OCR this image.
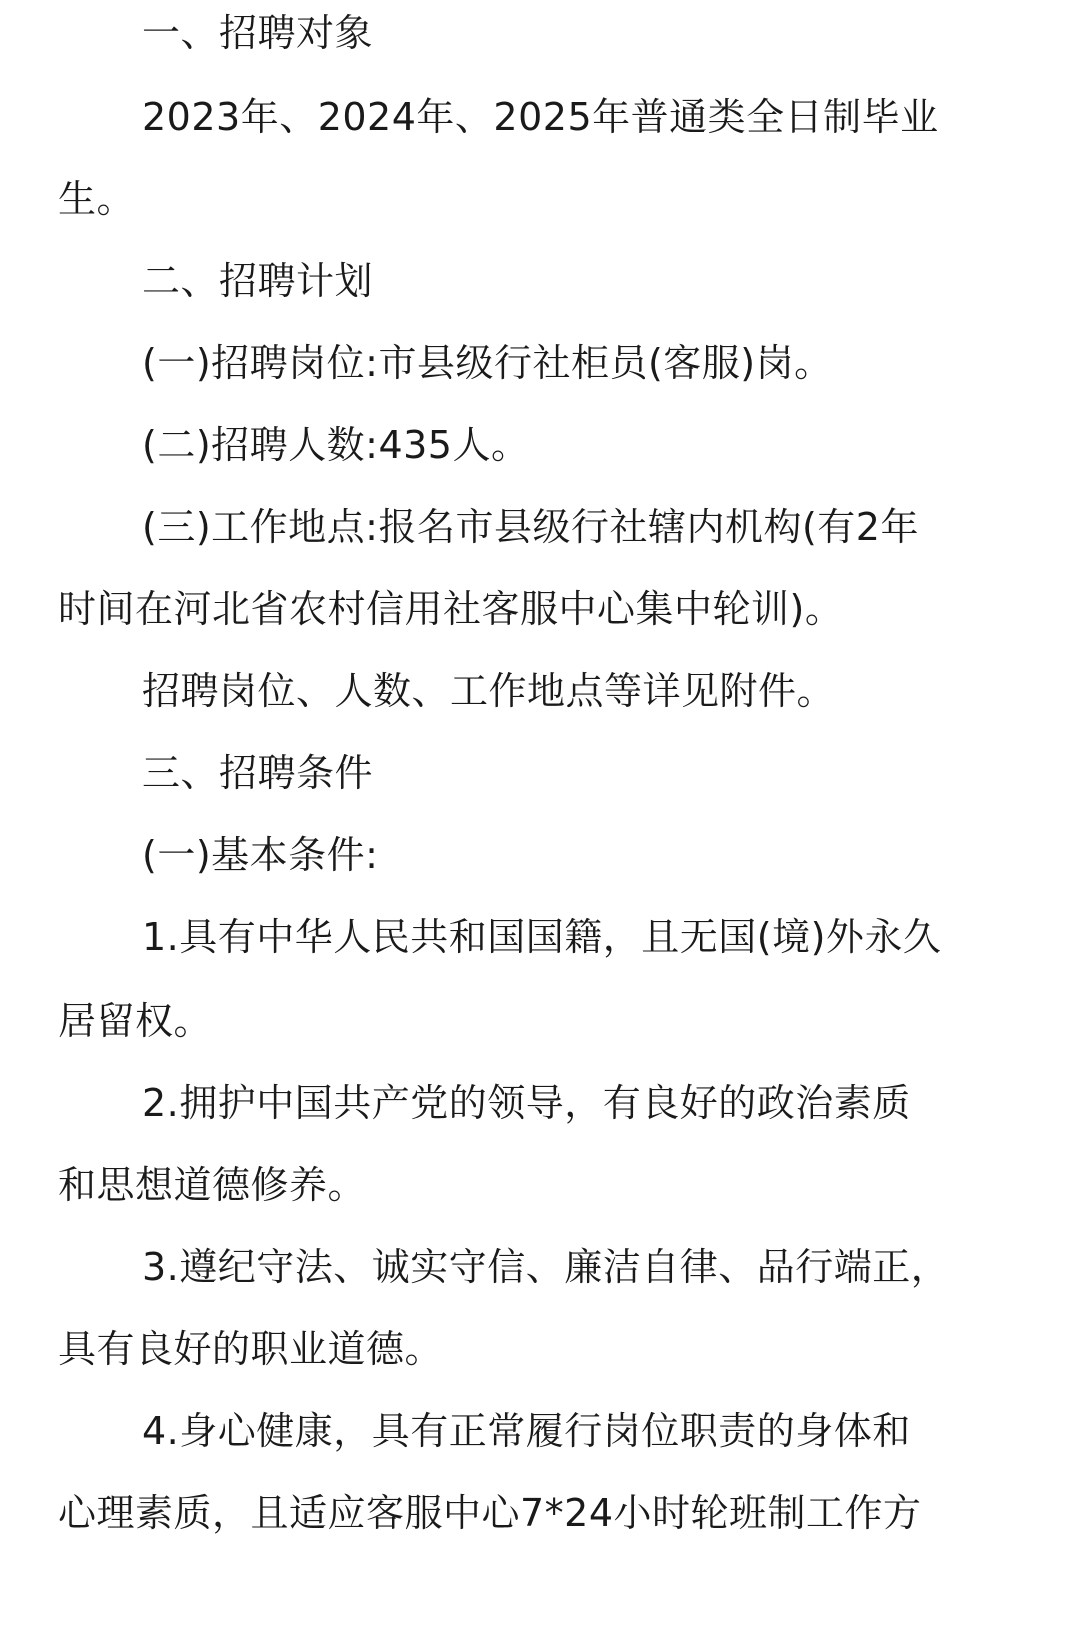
一、招聘对象

2023年、2024年、2025年普通类全日制毕业

生。

二、招聘计划

(一)招聘岗位:市县级行社柜员(客服)岗。

(二)招聘人数:435人。

(三)工作地点:报名市县级行社辖内机构(有2年

时间在河北省农村信用社客服中心集中轮训)。

招聘岗位、人数、工作地点等详见附件。

三、招聘条件

(一)基本条件:

1.具有中华人民共和国国籍，且无国(境)外永久

居留权。

2.拥护中国共产党的领导，有良好的政治素质

和思想道德修养。

3.遵纪守法、诚实守信、廉洁自律、品行端正，

具有良好的职业道德。

4.身心健康，具有正常履行岗位职责的身体和

心理素质，且适应客服中心7*24小时轮班制工作方
